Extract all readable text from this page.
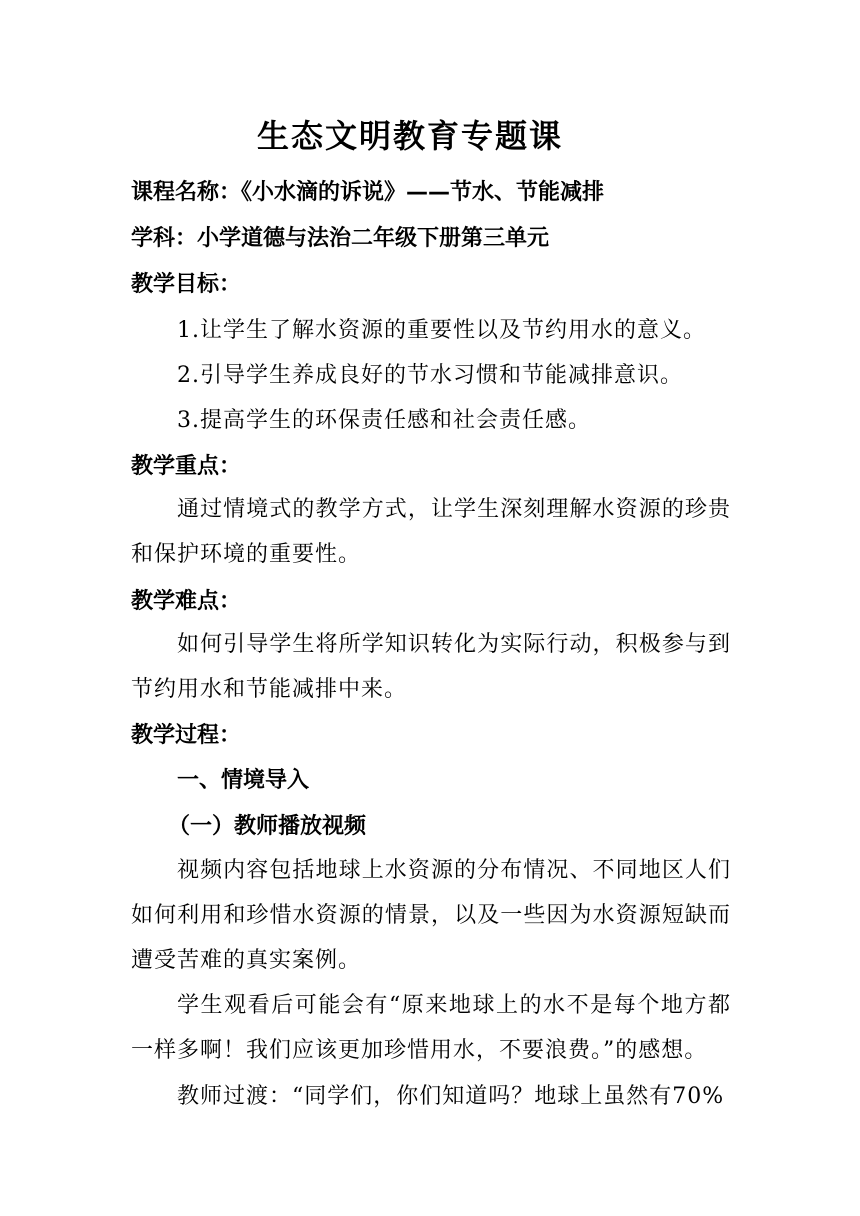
生态文明教育专题课

课程名称：《小水滴的诉说》——节水、节能减排

学科：小学道德与法治二年级下册第三单元

教学目标：

1.让学生了解水资源的重要性以及节约用水的意义。

2.引导学生养成良好的节水习惯和节能减排意识。

3.提高学生的环保责任感和社会责任感。

教学重点：

通过情境式的教学方式，让学生深刻理解水资源的珍贵和保护环境的重要性。

教学难点：

如何引导学生将所学知识转化为实际行动，积极参与到节约用水和节能减排中来。

教学过程：

一、情境导入

（一）教师播放视频

视频内容包括地球上水资源的分布情况、不同地区人们如何利用和珍惜水资源的情景，以及一些因为水资源短缺而遭受苦难的真实案例。

学生观看后可能会有“原来地球上的水不是每个地方都一样多啊！我们应该更加珍惜用水，不要浪费。”的感想。

教师过渡：“同学们，你们知道吗？地球上虽然有70%
